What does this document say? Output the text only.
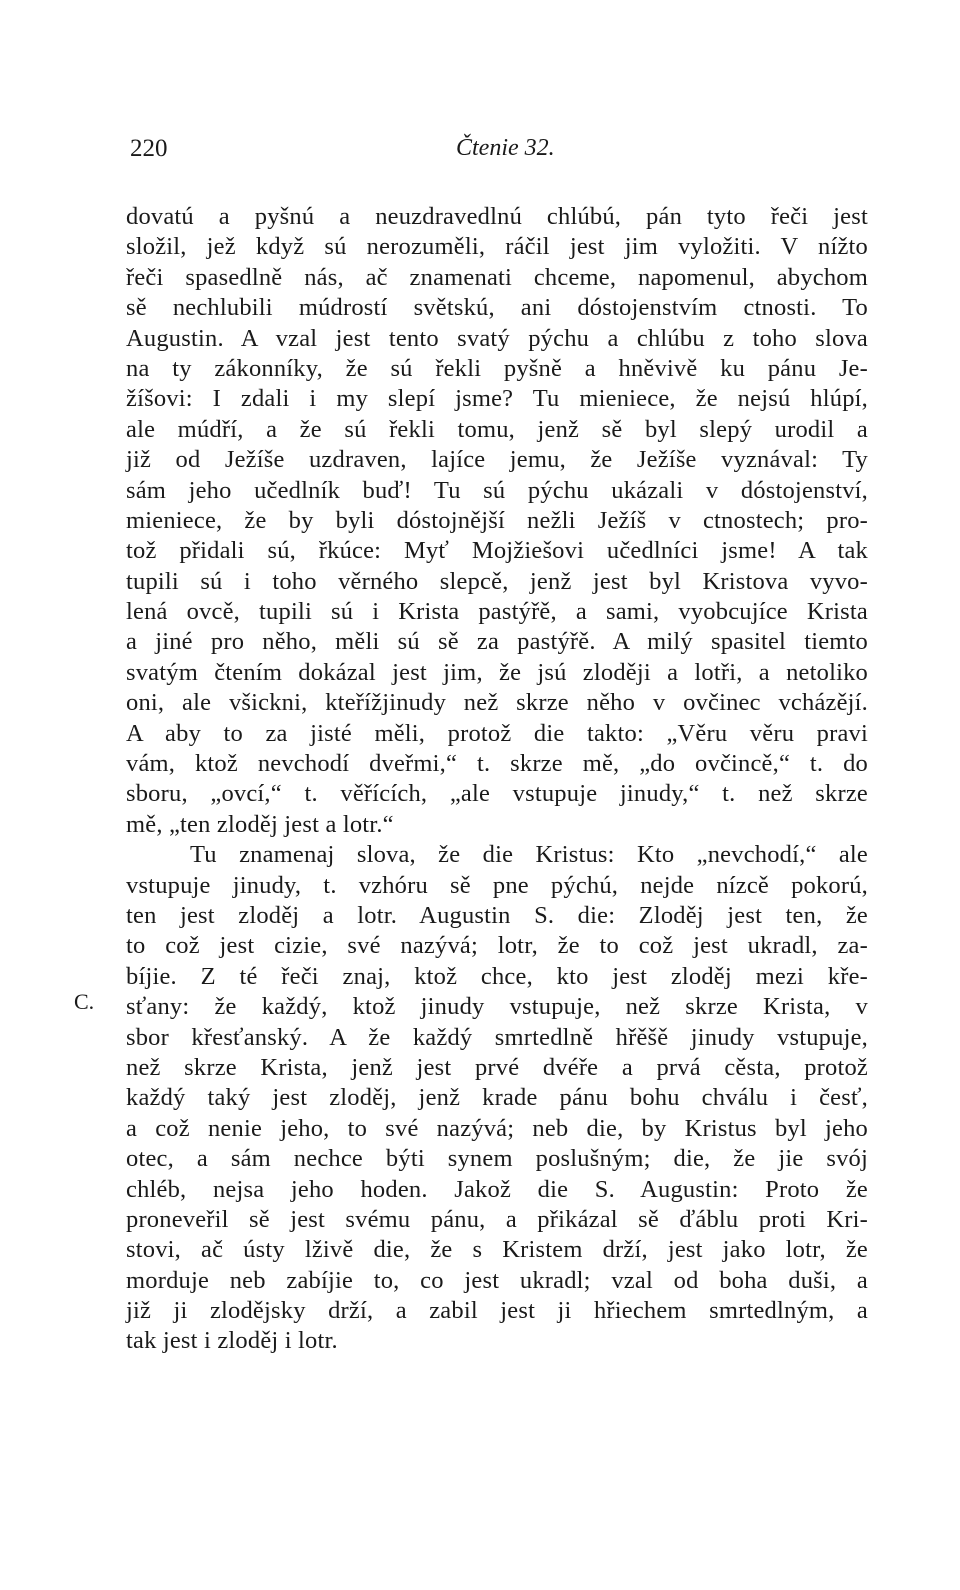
220	Čtenie 32.
C.
dovatú a pyšnú a neuzdravedlnú chlúbú, pán tyto řeči jest
složil, jež když sú nerozuměli, ráčil jest jim vyložiti. V nížto
řeči spasedlně nás, ač znamenati chceme, napomenul, abychom
sě nechlubili múdrostí světskú, ani dóstojenstvím ctnosti. To
Augustin. A vzal jest tento svatý pýchu a chlúbu z toho slova
na ty zákonníky, že sú řekli pyšně a hněvivě ku pánu Je-
žíšovi: I zdali i my slepí jsme? Tu mieniece, že nejsú hlúpí,
ale múdří, a že sú řekli tomu, jenž sě byl slepý urodil a
již od Ježíše uzdraven, lajíce jemu, že Ježíše vyznával: Ty
sám jeho učedlník buď! Tu sú pýchu ukázali v dóstojenství,
mieniece, že by byli dóstojnější nežli Ježíš v ctnostech; pro-
tož přidali sú, řkúce: Myť Mojžiešovi učedlníci jsme! A tak
tupili sú i toho věrného slepcě, jenž jest byl Kristova vyvo-
lená ovcě, tupili sú i Krista pastýřě, a sami, vyobcujíce Krista
a jiné pro něho, měli sú sě za pastýřě. A milý spasitel tiemto
svatým čtením dokázal jest jim, že jsú zloději a lotři, a netoliko
oni, ale všickni, kteřížjinudy než skrze něho v ovčinec vcházějí.
A aby to za jisté měli, protož die takto: „Věru věru pravi
vám, ktož nevchodí dveřmi,“ t. skrze mě, „do ovčincě,“ t. do
sboru, „ovcí,“ t. věřících, „ale vstupuje jinudy,“ t. než skrze
mě, „ten zloděj jest a lotr.“
Tu znamenaj slova, že die Kristus: Kto „nevchodí,“ ale
vstupuje jinudy, t. vzhóru sě pne pýchú, nejde nízcě pokorú,
ten jest zloděj a lotr. Augustin S. die: Zloděj jest ten, že
to což jest cizie, své nazývá; lotr, že to což jest ukradl, za-
bíjie. Z té řeči znaj, ktož chce, kto jest zloděj mezi kře-
sťany: že každý, ktož jinudy vstupuje, než skrze Krista, v
sbor křesťanský. A že každý smrtedlně hřěšě jinudy vstupuje,
než skrze Krista, jenž jest prvé dvéře a prvá cěsta, protož
každý taký jest zloděj, jenž krade pánu bohu chválu i česť,
a což nenie jeho, to své nazývá; neb die, by Kristus byl jeho
otec, a sám nechce býti synem poslušným; die, že jie svój
chléb, nejsa jeho hoden. Jakož die S. Augustin: Proto že
proneveřil sě jest svému pánu, a přikázal sě ďáblu proti Kri-
stovi, ač ústy lživě die, že s Kristem drží, jest jako lotr, že
morduje neb zabíjie to, co jest ukradl; vzal od boha duši, a
již ji zlodějsky drží, a zabil jest ji hřiechem smrtedlným, a
tak jest i zloděj i lotr.
